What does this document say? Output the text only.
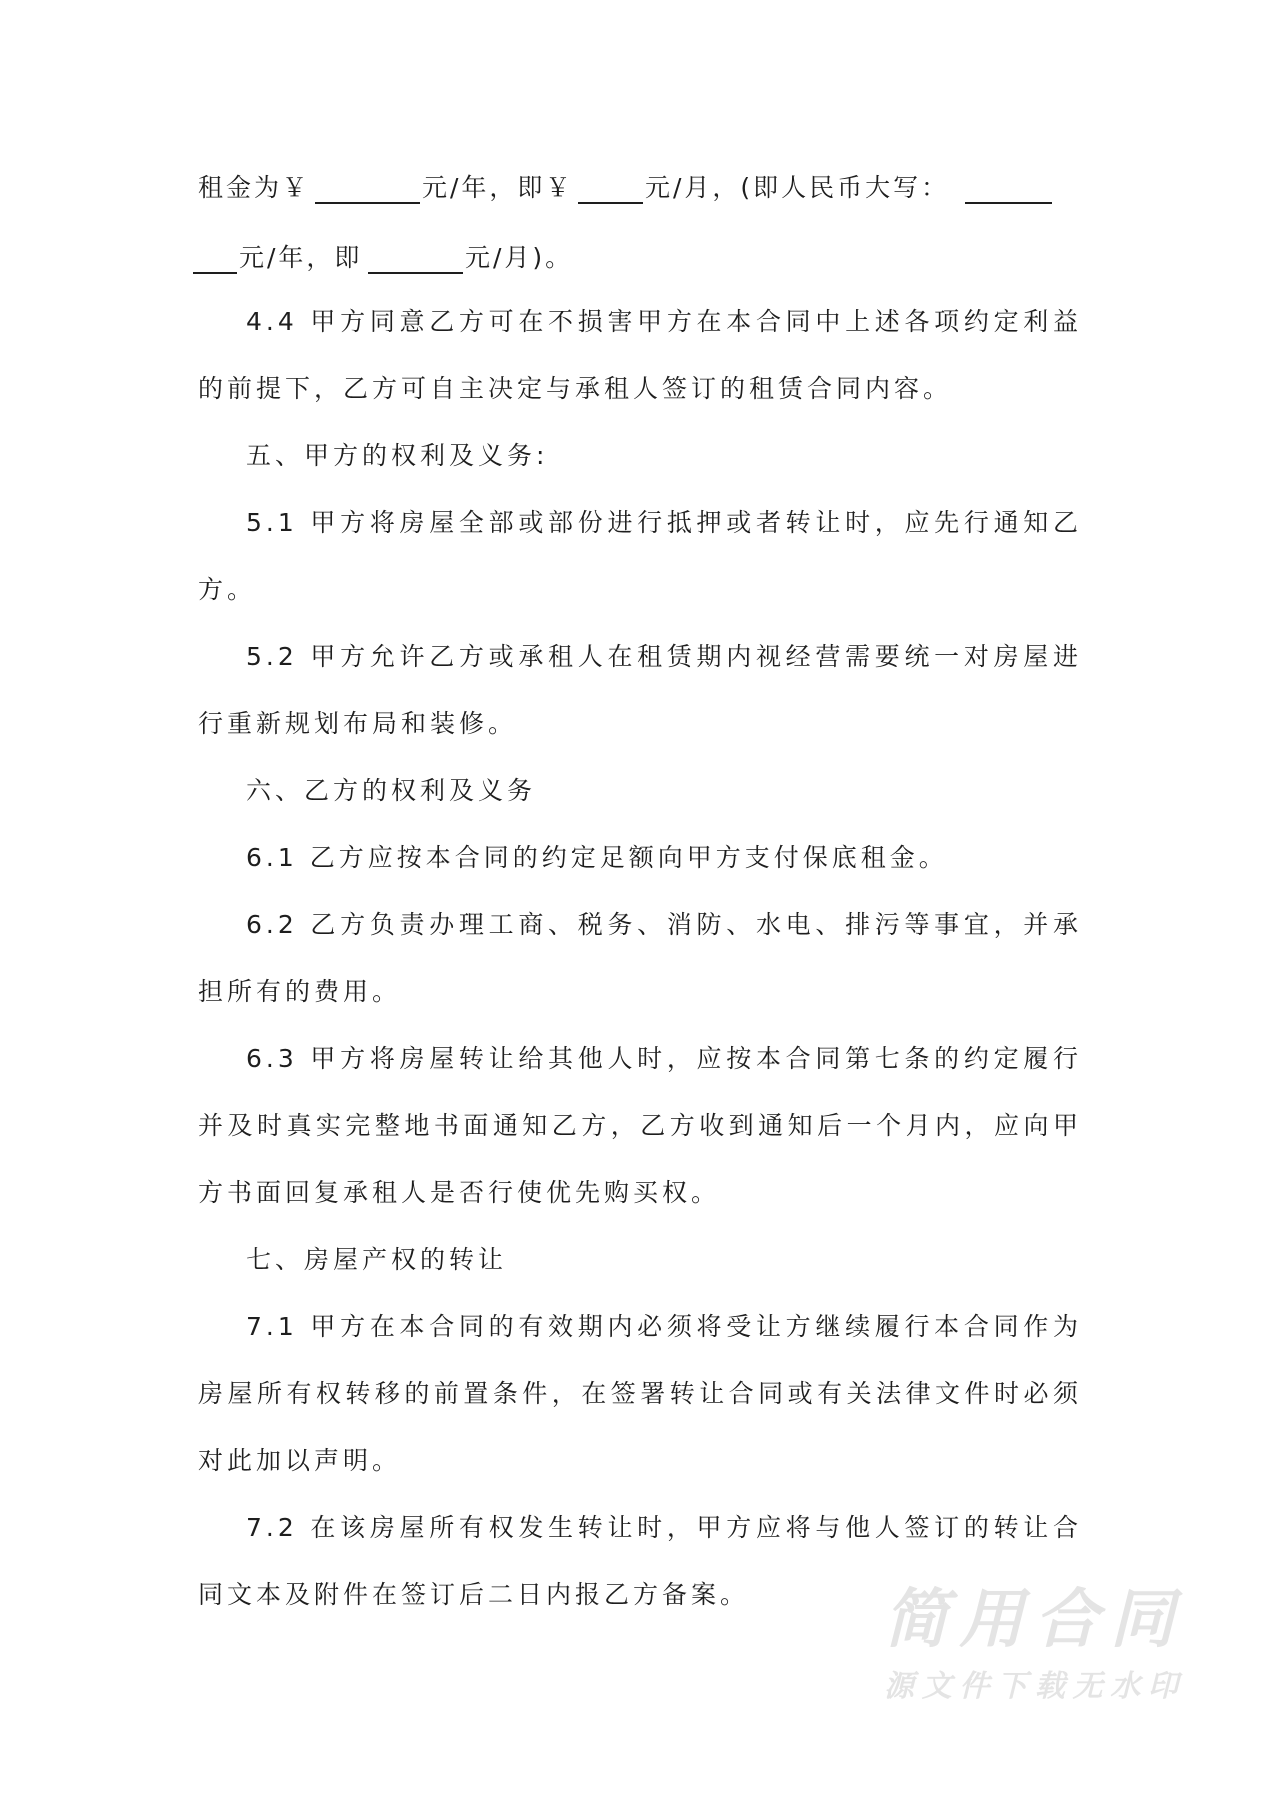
租金为￥	元/年，即￥	元/月，(即人民币大写：
元/年，即	元/月)。
4.4 甲方同意乙方可在不损害甲方在本合同中上述各项约定利益
的前提下，乙方可自主决定与承租人签订的租赁合同内容。
五、甲方的权利及义务:
5.1 甲方将房屋全部或部份进行抵押或者转让时，应先行通知乙
方。
5.2 甲方允许乙方或承租人在租赁期内视经营需要统一对房屋进
行重新规划布局和装修。
六、乙方的权利及义务
6.1 乙方应按本合同的约定足额向甲方支付保底租金。
6.2 乙方负责办理工商、税务、消防、水电、排污等事宜，并承
担所有的费用。
6.3 甲方将房屋转让给其他人时，应按本合同第七条的约定履行
并及时真实完整地书面通知乙方，乙方收到通知后一个月内，应向甲
方书面回复承租人是否行使优先购买权。
七、房屋产权的转让
7.1 甲方在本合同的有效期内必须将受让方继续履行本合同作为
房屋所有权转移的前置条件，在签署转让合同或有关法律文件时必须
对此加以声明。
7.2 在该房屋所有权发生转让时，甲方应将与他人签订的转让合
同文本及附件在签订后二日内报乙方备案。 简用合同
源文件下载无水印
